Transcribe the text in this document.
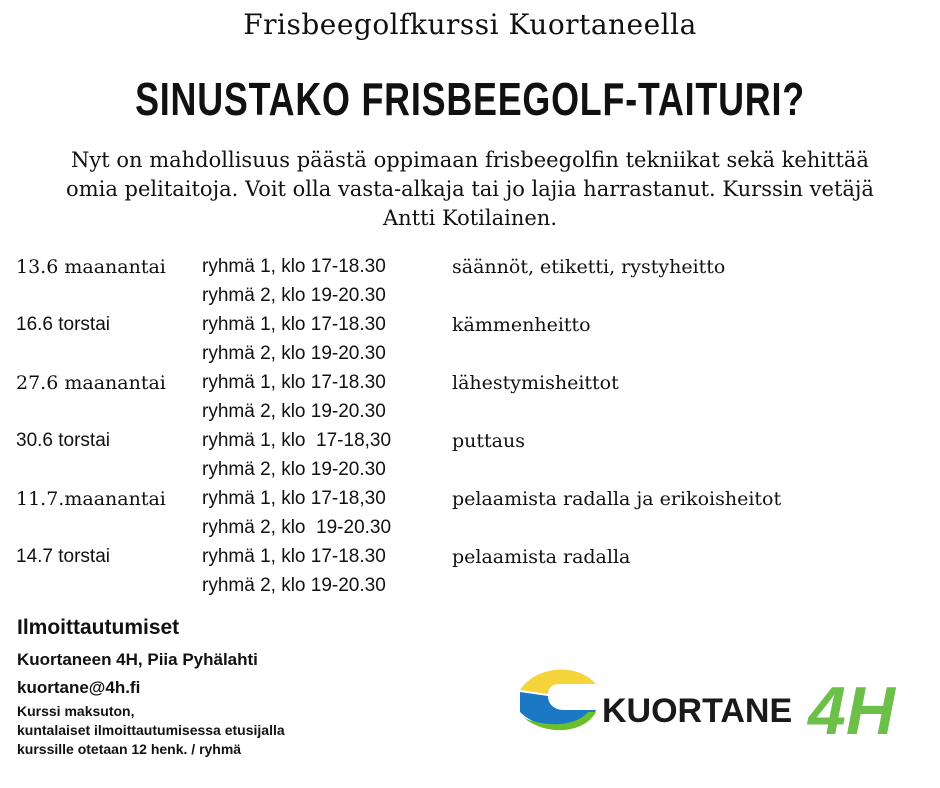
Frisbeegolfkurssi Kuortaneella
SINUSTAKO FRISBEEGOLF-TAITURI?
Nyt on mahdollisuus päästä oppimaan frisbeegolfin tekniikat sekä kehittää
omia pelitaitoja. Voit olla vasta-alkaja tai jo lajia harrastanut. Kurssin vetäjä
Antti Kotilainen.
13.6 maanantai ryhmä 1, klo 17-18.30	säännöt, etiketti, rystyheitto
ryhmä 2, klo 19-20.30
16.6 torstai	ryhmä 1, klo 17-18.30	kämmenheitto
ryhmä 2, klo 19-20.30
27.6 maanantai ryhmä 1, klo 17-18.30	lähestymisheittot
ryhmä 2, klo 19-20.30
30.6 torstai	ryhmä 1, klo  17-18,30	puttaus
ryhmä 2, klo 19-20.30
11.7.maanantai ryhmä 1, klo 17-18,30	pelaamista radalla ja erikoisheitot
ryhmä 2, klo  19-20.30
14.7 torstai	ryhmä 1, klo 17-18.30	pelaamista radalla
ryhmä 2, klo 19-20.30
Ilmoittautumiset
Kuortaneen 4H, Piia Pyhälahti
kuortane@4h.fi
Kurssi maksuton,
kuntalaiset ilmoittautumisessa etusijalla
kurssille otetaan 12 henk. / ryhmä
KUORTANE 4H
